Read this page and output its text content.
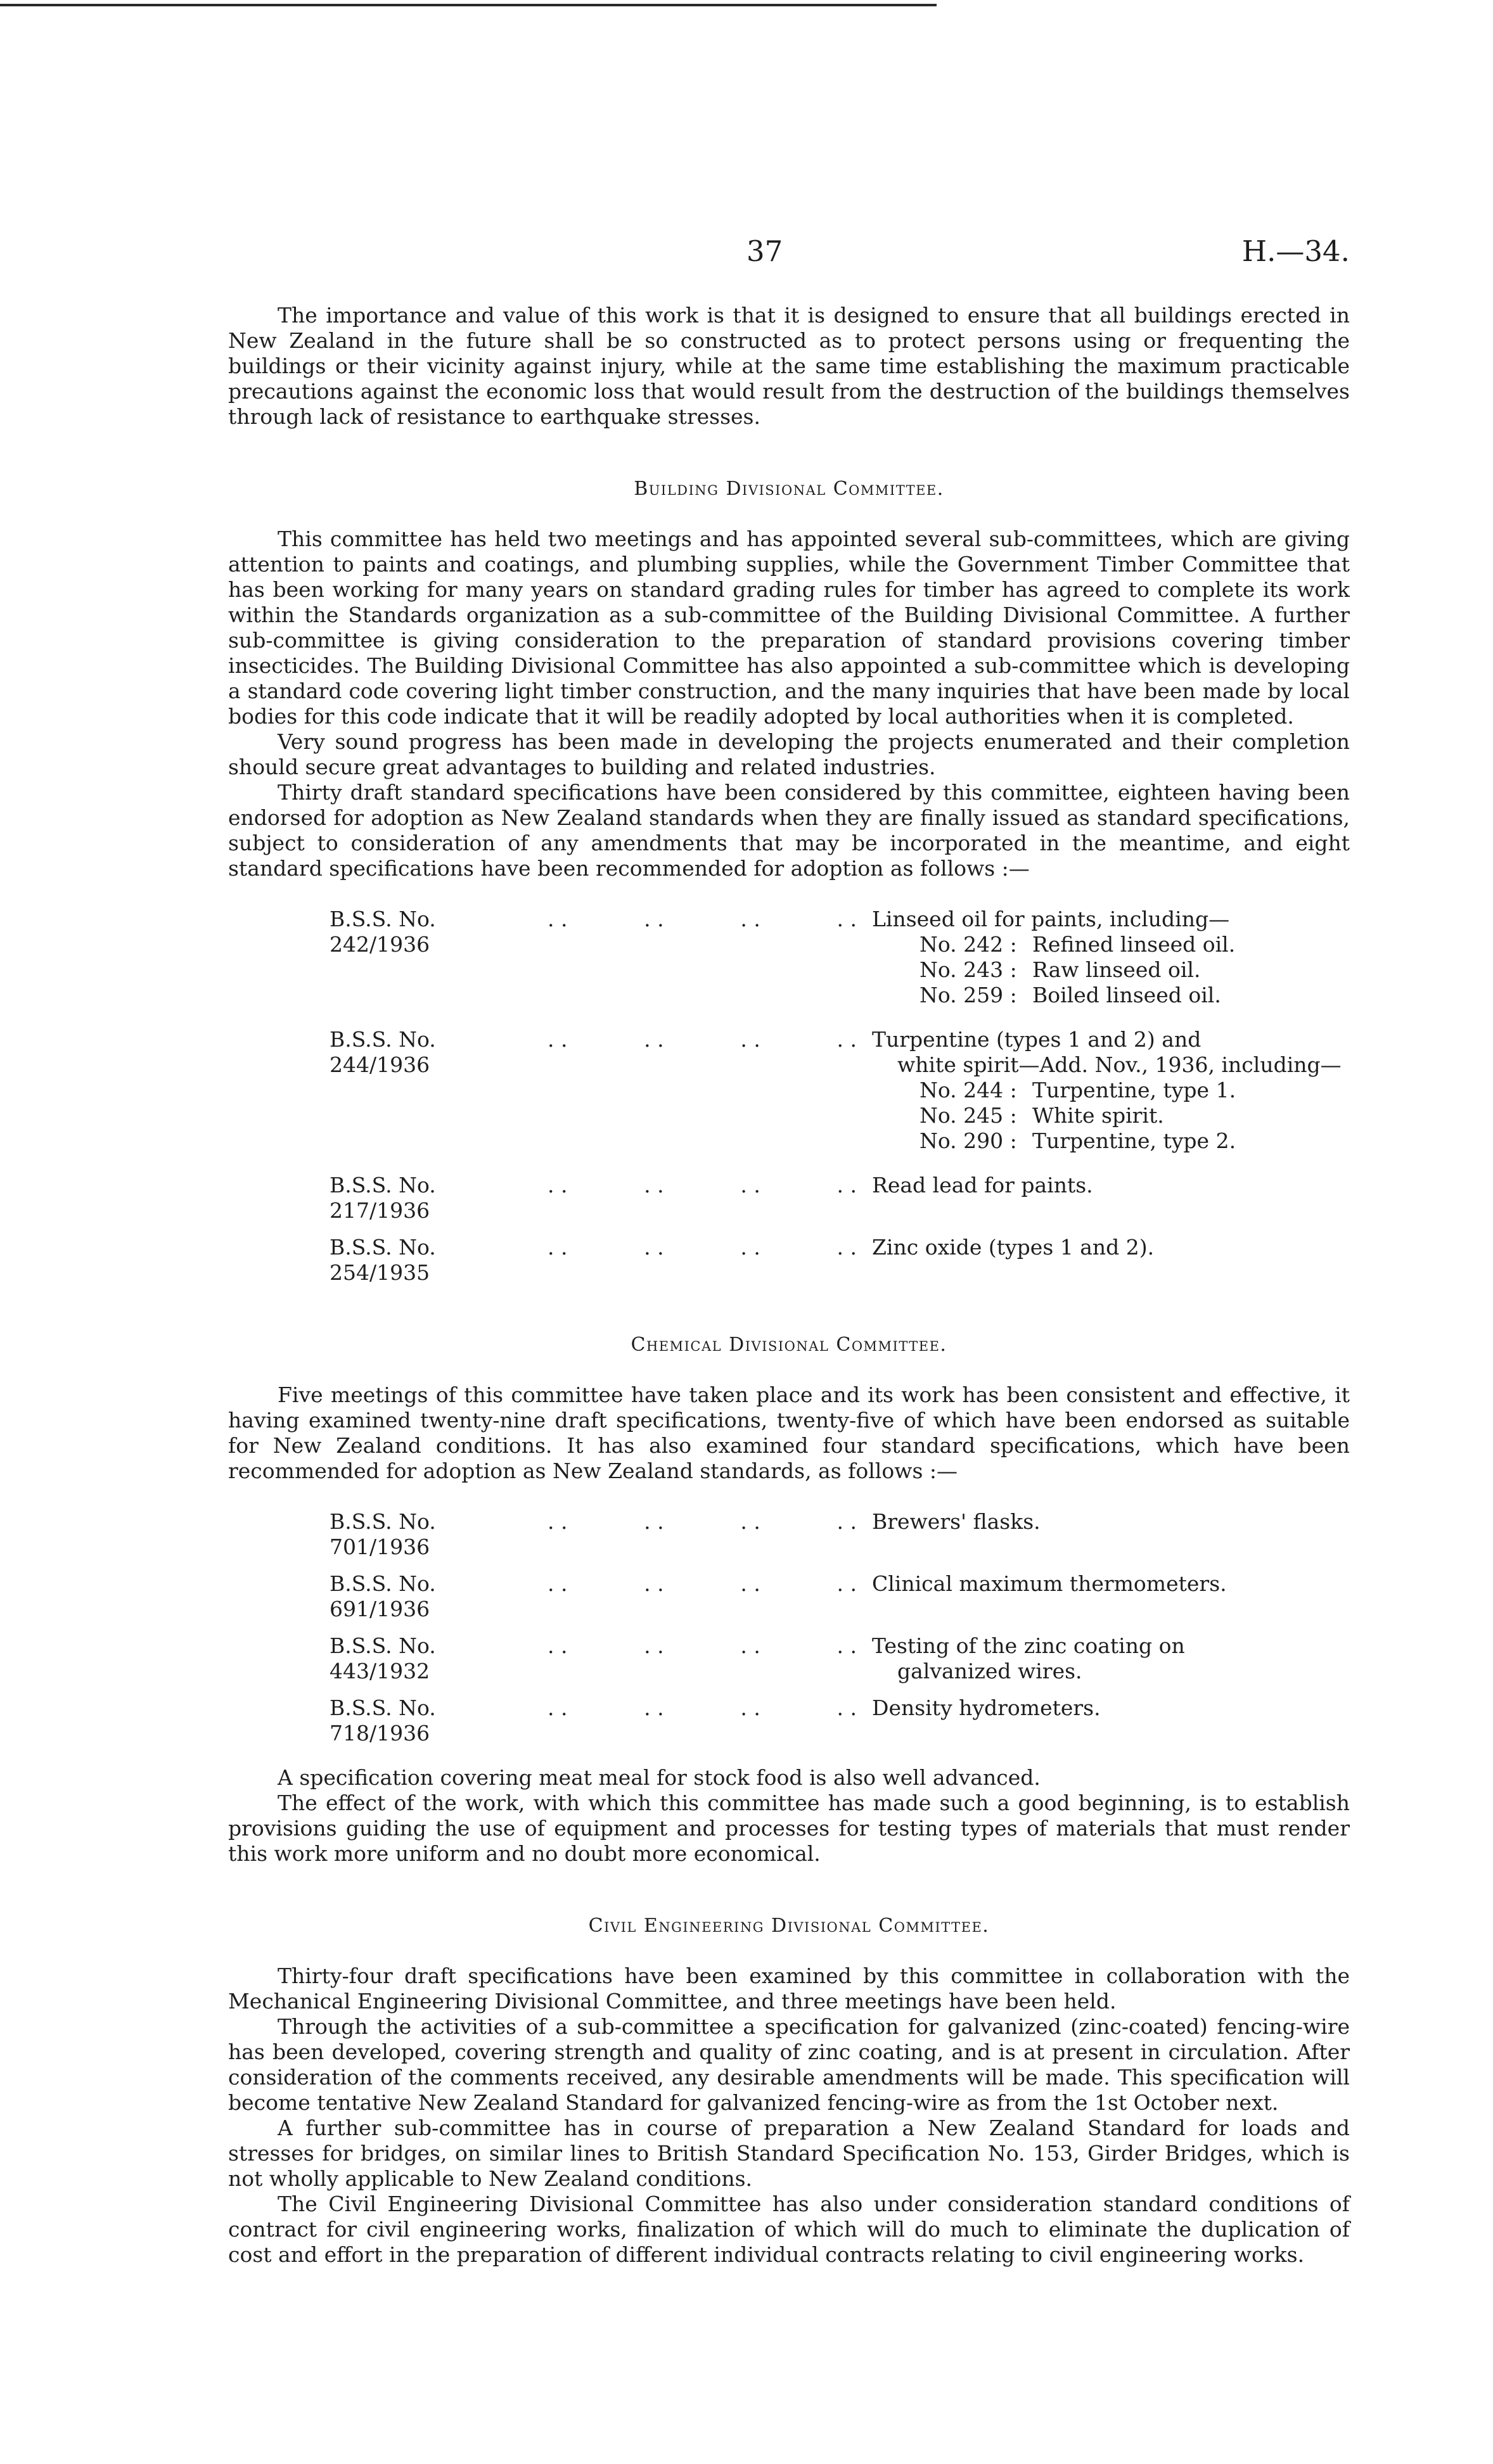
37	H.—34.

The importance and value of this work is that it is designed to ensure that all buildings erected in New Zealand in the future shall be so constructed as to protect persons using or frequenting the buildings or their vicinity against injury, while at the same time establishing the maximum practicable precautions against the economic loss that would result from the destruction of the buildings themselves through lack of resistance to earthquake stresses.

Building Divisional Committee.

This committee has held two meetings and has appointed several sub-committees, which are giving attention to paints and coatings, and plumbing supplies, while the Government Timber Committee that has been working for many years on standard grading rules for timber has agreed to complete its work within the Standards organization as a sub-committee of the Building Divisional Committee. A further sub-committee is giving consideration to the preparation of standard provisions covering timber insecticides. The Building Divisional Committee has also appointed a sub-committee which is developing a standard code covering light timber construction, and the many inquiries that have been made by local bodies for this code indicate that it will be readily adopted by local authorities when it is completed.

Very sound progress has been made in developing the projects enumerated and their completion should secure great advantages to building and related industries.

Thirty draft standard specifications have been considered by this committee, eighteen having been endorsed for adoption as New Zealand standards when they are finally issued as standard specifications, subject to consideration of any amendments that may be incorporated in the meantime, and eight standard specifications have been recommended for adoption as follows :—

B.S.S. No. 242/1936
. .	. .	. .	. . Linseed oil for paints, including—
No. 242 : Refined linseed oil.
No. 243 : Raw linseed oil.
No. 259 : Boiled linseed oil.
B.S.S. No. 244/1936
. .	. .	. .	. . Turpentine (types 1 and 2) and
white spirit—Add. Nov., 1936, including—
No. 244 : Turpentine, type 1.
No. 245 : White spirit.
No. 290 : Turpentine, type 2.
B.S.S. No. 217/1936
. .	. .	. .	. . Read lead for paints.
B.S.S. No. 254/1935
. .	. .	. .	. . Zinc oxide (types 1 and 2).
Chemical Divisional Committee.

Five meetings of this committee have taken place and its work has been consistent and effective, it having examined twenty-nine draft specifications, twenty-five of which have been endorsed as suitable for New Zealand conditions. It has also examined four standard specifications, which have been recommended for adoption as New Zealand standards, as follows :—

B.S.S. No. 701/1936
. .	. .	. .	. . Brewers' flasks.
B.S.S. No. 691/1936
. .	. .	. .	. . Clinical maximum thermometers.
B.S.S. No. 443/1932
. .	. .	. .	. . Testing of the zinc coating on
galvanized wires.
B.S.S. No. 718/1936
. .	. .	. .	. . Density hydrometers.

A specification covering meat meal for stock food is also well advanced.

The effect of the work, with which this committee has made such a good beginning, is to establish provisions guiding the use of equipment and processes for testing types of materials that must render this work more uniform and no doubt more economical.

Civil Engineering Divisional Committee.

Thirty-four draft specifications have been examined by this committee in collaboration with the Mechanical Engineering Divisional Committee, and three meetings have been held.

Through the activities of a sub-committee a specification for galvanized (zinc-coated) fencing-wire has been developed, covering strength and quality of zinc coating, and is at present in circulation. After consideration of the comments received, any desirable amendments will be made. This specification will become tentative New Zealand Standard for galvanized fencing-wire as from the 1st October next.

A further sub-committee has in course of preparation a New Zealand Standard for loads and stresses for bridges, on similar lines to British Standard Specification No. 153, Girder Bridges, which is not wholly applicable to New Zealand conditions.

The Civil Engineering Divisional Committee has also under consideration standard conditions of contract for civil engineering works, finalization of which will do much to eliminate the duplication of cost and effort in the preparation of different individual contracts relating to civil engineering works.
